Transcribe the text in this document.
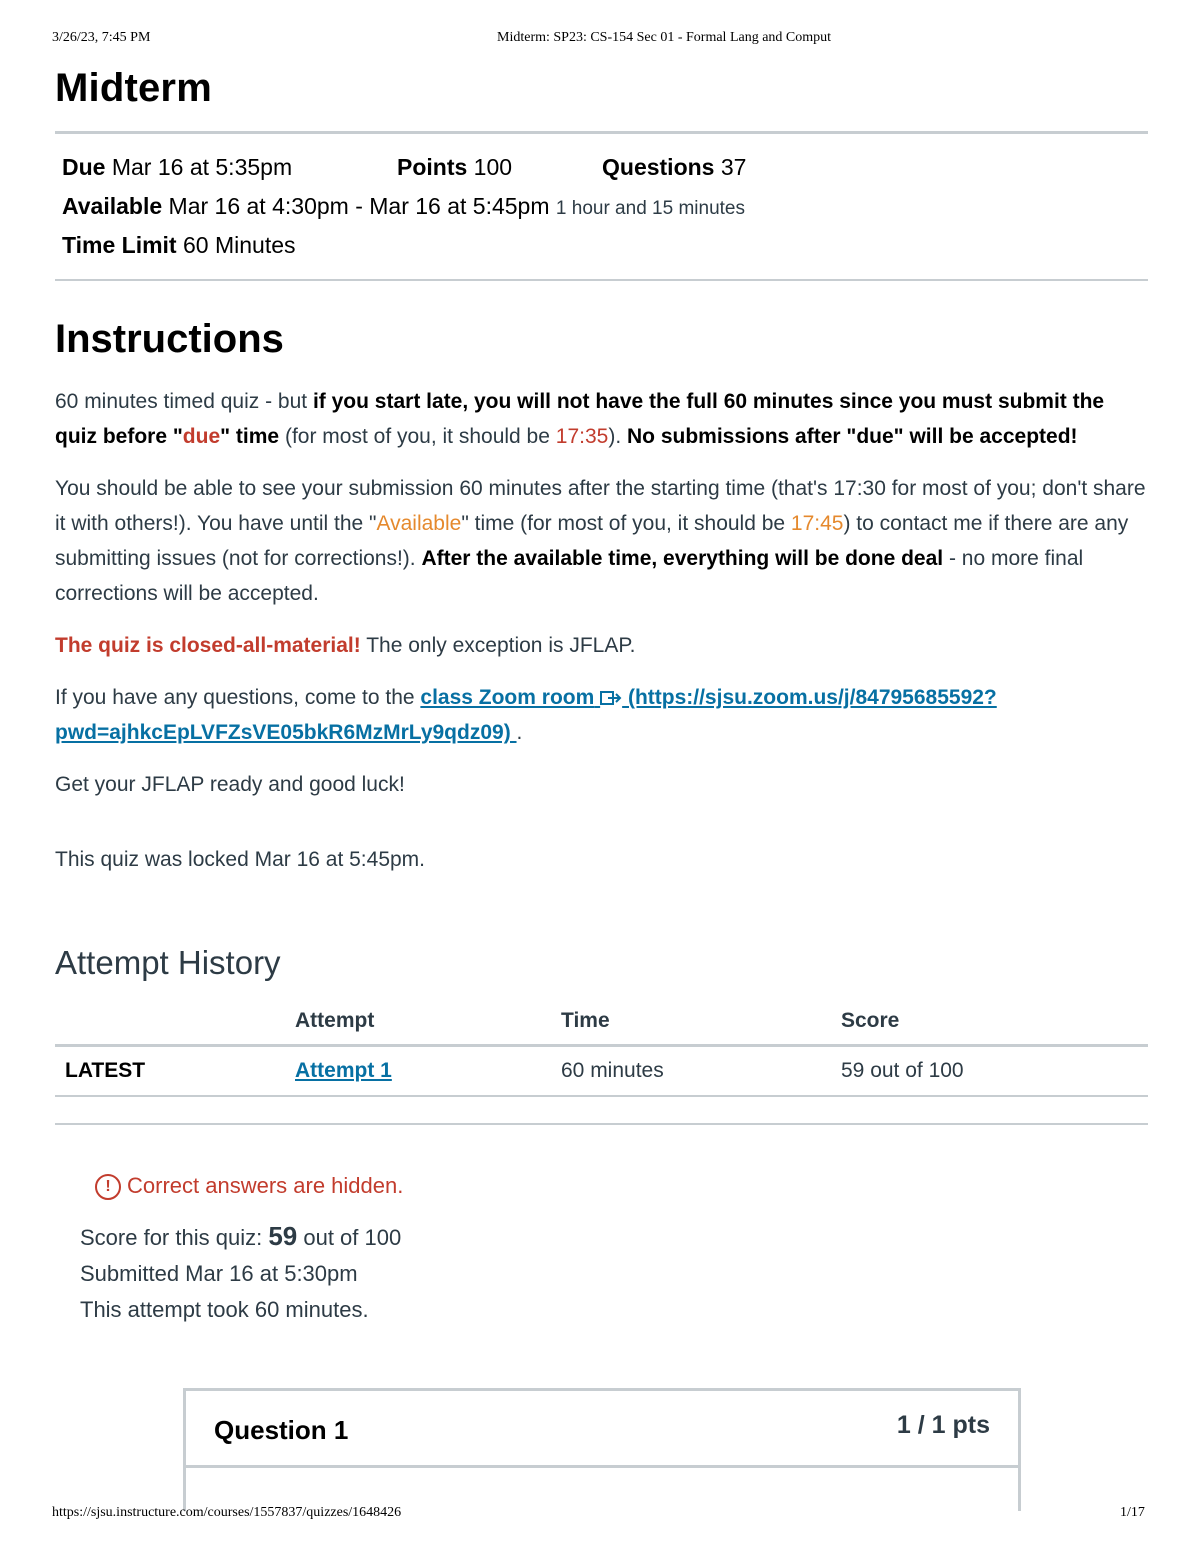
3/26/23, 7:45 PM	Midterm: SP23: CS-154 Sec 01 - Formal Lang and Comput
Midterm
Due Mar 16 at 5:35pm	Points 100	Questions 37
Available Mar 16 at 4:30pm - Mar 16 at 5:45pm 1 hour and 15 minutes
Time Limit 60 Minutes
Instructions

60 minutes timed quiz - but if you start late, you will not have the full 60 minutes since you must submit the quiz before "due" time (for most of you, it should be 17:35). No submissions after "due" will be accepted!

You should be able to see your submission 60 minutes after the starting time (that's 17:30 for most of you; don't share it with others!). You have until the "Available" time (for most of you, it should be 17:45) to contact me if there are any submitting issues (not for corrections!). After the available time, everything will be done deal - no more final corrections will be accepted.

The quiz is closed-all-material! The only exception is JFLAP.

If you have any questions, come to the class Zoom room  (https://sjsu.zoom.us/j/84795685592?pwd=ajhkcEpLVFZsVE05bkR6MzMrLy9qdz09) .

Get your JFLAP ready and good luck!

This quiz was locked Mar 16 at 5:45pm.

Attempt History
	Attempt	Time	Score
LATEST	Attempt 1	60 minutes	59 out of 100
! Correct answers are hidden.
Score for this quiz: 59 out of 100
Submitted Mar 16 at 5:30pm
This attempt took 60 minutes.
Question 1	1 / 1 pts
https://sjsu.instructure.com/courses/1557837/quizzes/1648426	1/17
